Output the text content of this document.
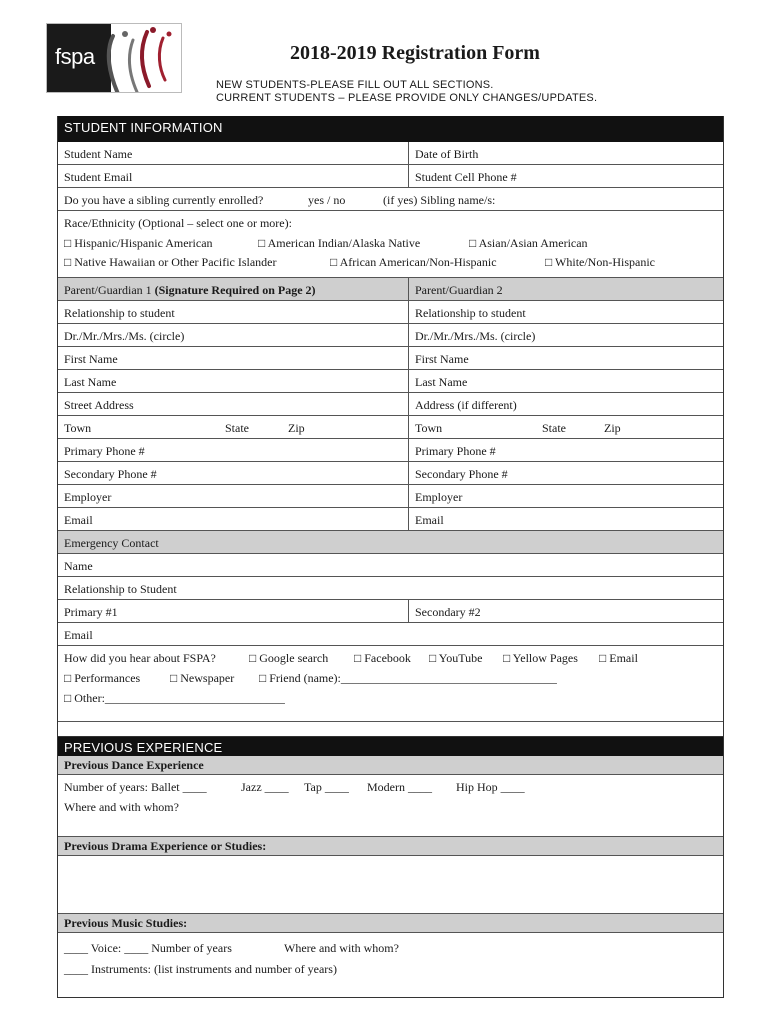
fspa	2018-2019 Registration Form
NEW STUDENTS-PLEASE FILL OUT ALL SECTIONS.
CURRENT STUDENTS – PLEASE PROVIDE ONLY CHANGES/UPDATES.
STUDENT INFORMATION
Student Name	Date of Birth
Student Email	Student Cell Phone #
Do you have a sibling currently enrolled?	yes / no	(if yes) Sibling name/s:
Race/Ethnicity (Optional – select one or more):
□ Hispanic/Hispanic American	□ American Indian/Alaska Native	□ Asian/Asian American
□ Native Hawaiian or Other Pacific Islander	□ African American/Non-Hispanic	□ White/Non-Hispanic
Parent/Guardian 1 (Signature Required on Page 2)	Parent/Guardian 2
Relationship to student	Relationship to student
Dr./Mr./Mrs./Ms. (circle)	Dr./Mr./Mrs./Ms. (circle)
First Name	First Name
Last Name	Last Name
Street Address	Address (if different)
Town	State	Zip	Town	State	Zip
Primary Phone #	Primary Phone #
Secondary Phone #	Secondary Phone #
Employer	Employer
Email	Email
Emergency Contact
Name
Relationship to Student
Primary #1	Secondary #2
Email
How did you hear about FSPA?	□ Google search □ Facebook □ YouTube □ Yellow Pages □ Email
□ Performances □ Newspaper □ Friend (name):____________________________________
□ Other:______________________________
PREVIOUS EXPERIENCE
Previous Dance Experience
Number of years: Ballet ____	Jazz ____ Tap ____ Modern ____ Hip Hop ____
Where and with whom?
Previous Drama Experience or Studies:
Previous Music Studies:
____ Voice: ____ Number of years	Where and with whom?
____ Instruments: (list instruments and number of years)
